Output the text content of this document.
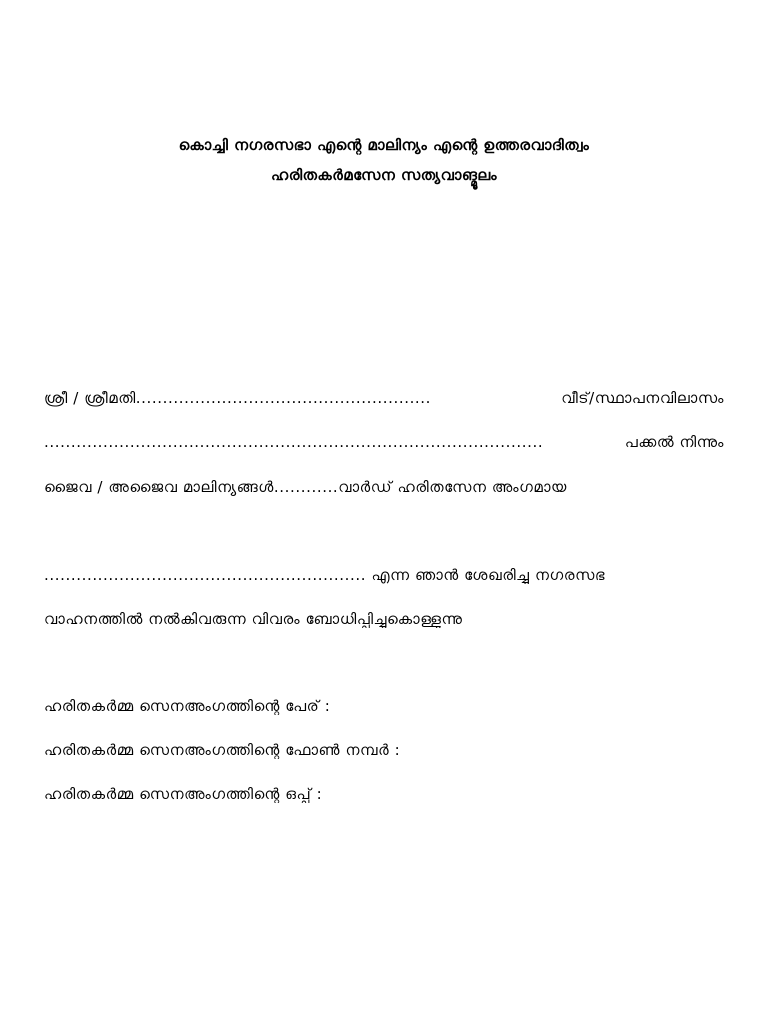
കൊച്ചി നഗരസഭാ എന്റെ മാലിന്യം എന്റെ ഉത്തരവാദിത്വം
ഹരിതകർമസേന സത്യവാങ്മൂലം
ശ്രീ / ശ്രീമതി.......................................................	വീട്/സ്ഥാപനവിലാസം
.............................................................................................	പക്കൽ നിന്നും
ജൈവ / അജൈവ മാലിന്യങ്ങൾ............വാർഡ് ഹരിതസേന അംഗമായ
............................................................ എന്ന ഞാൻ ശേഖരിച്ചു നഗരസഭ
വാഹനത്തിൽ നൽകിവരുന്ന വിവരം ബോധിപ്പിച്ചുകൊള്ളുന്നു
ഹരിതകർമ്മ സെനഅംഗത്തിന്റെ പേര് :
ഹരിതകർമ്മ സെനഅംഗത്തിന്റെ ഫോൺ നമ്പർ :
ഹരിതകർമ്മ സെനഅംഗത്തിന്റെ ഒപ്പ് :
